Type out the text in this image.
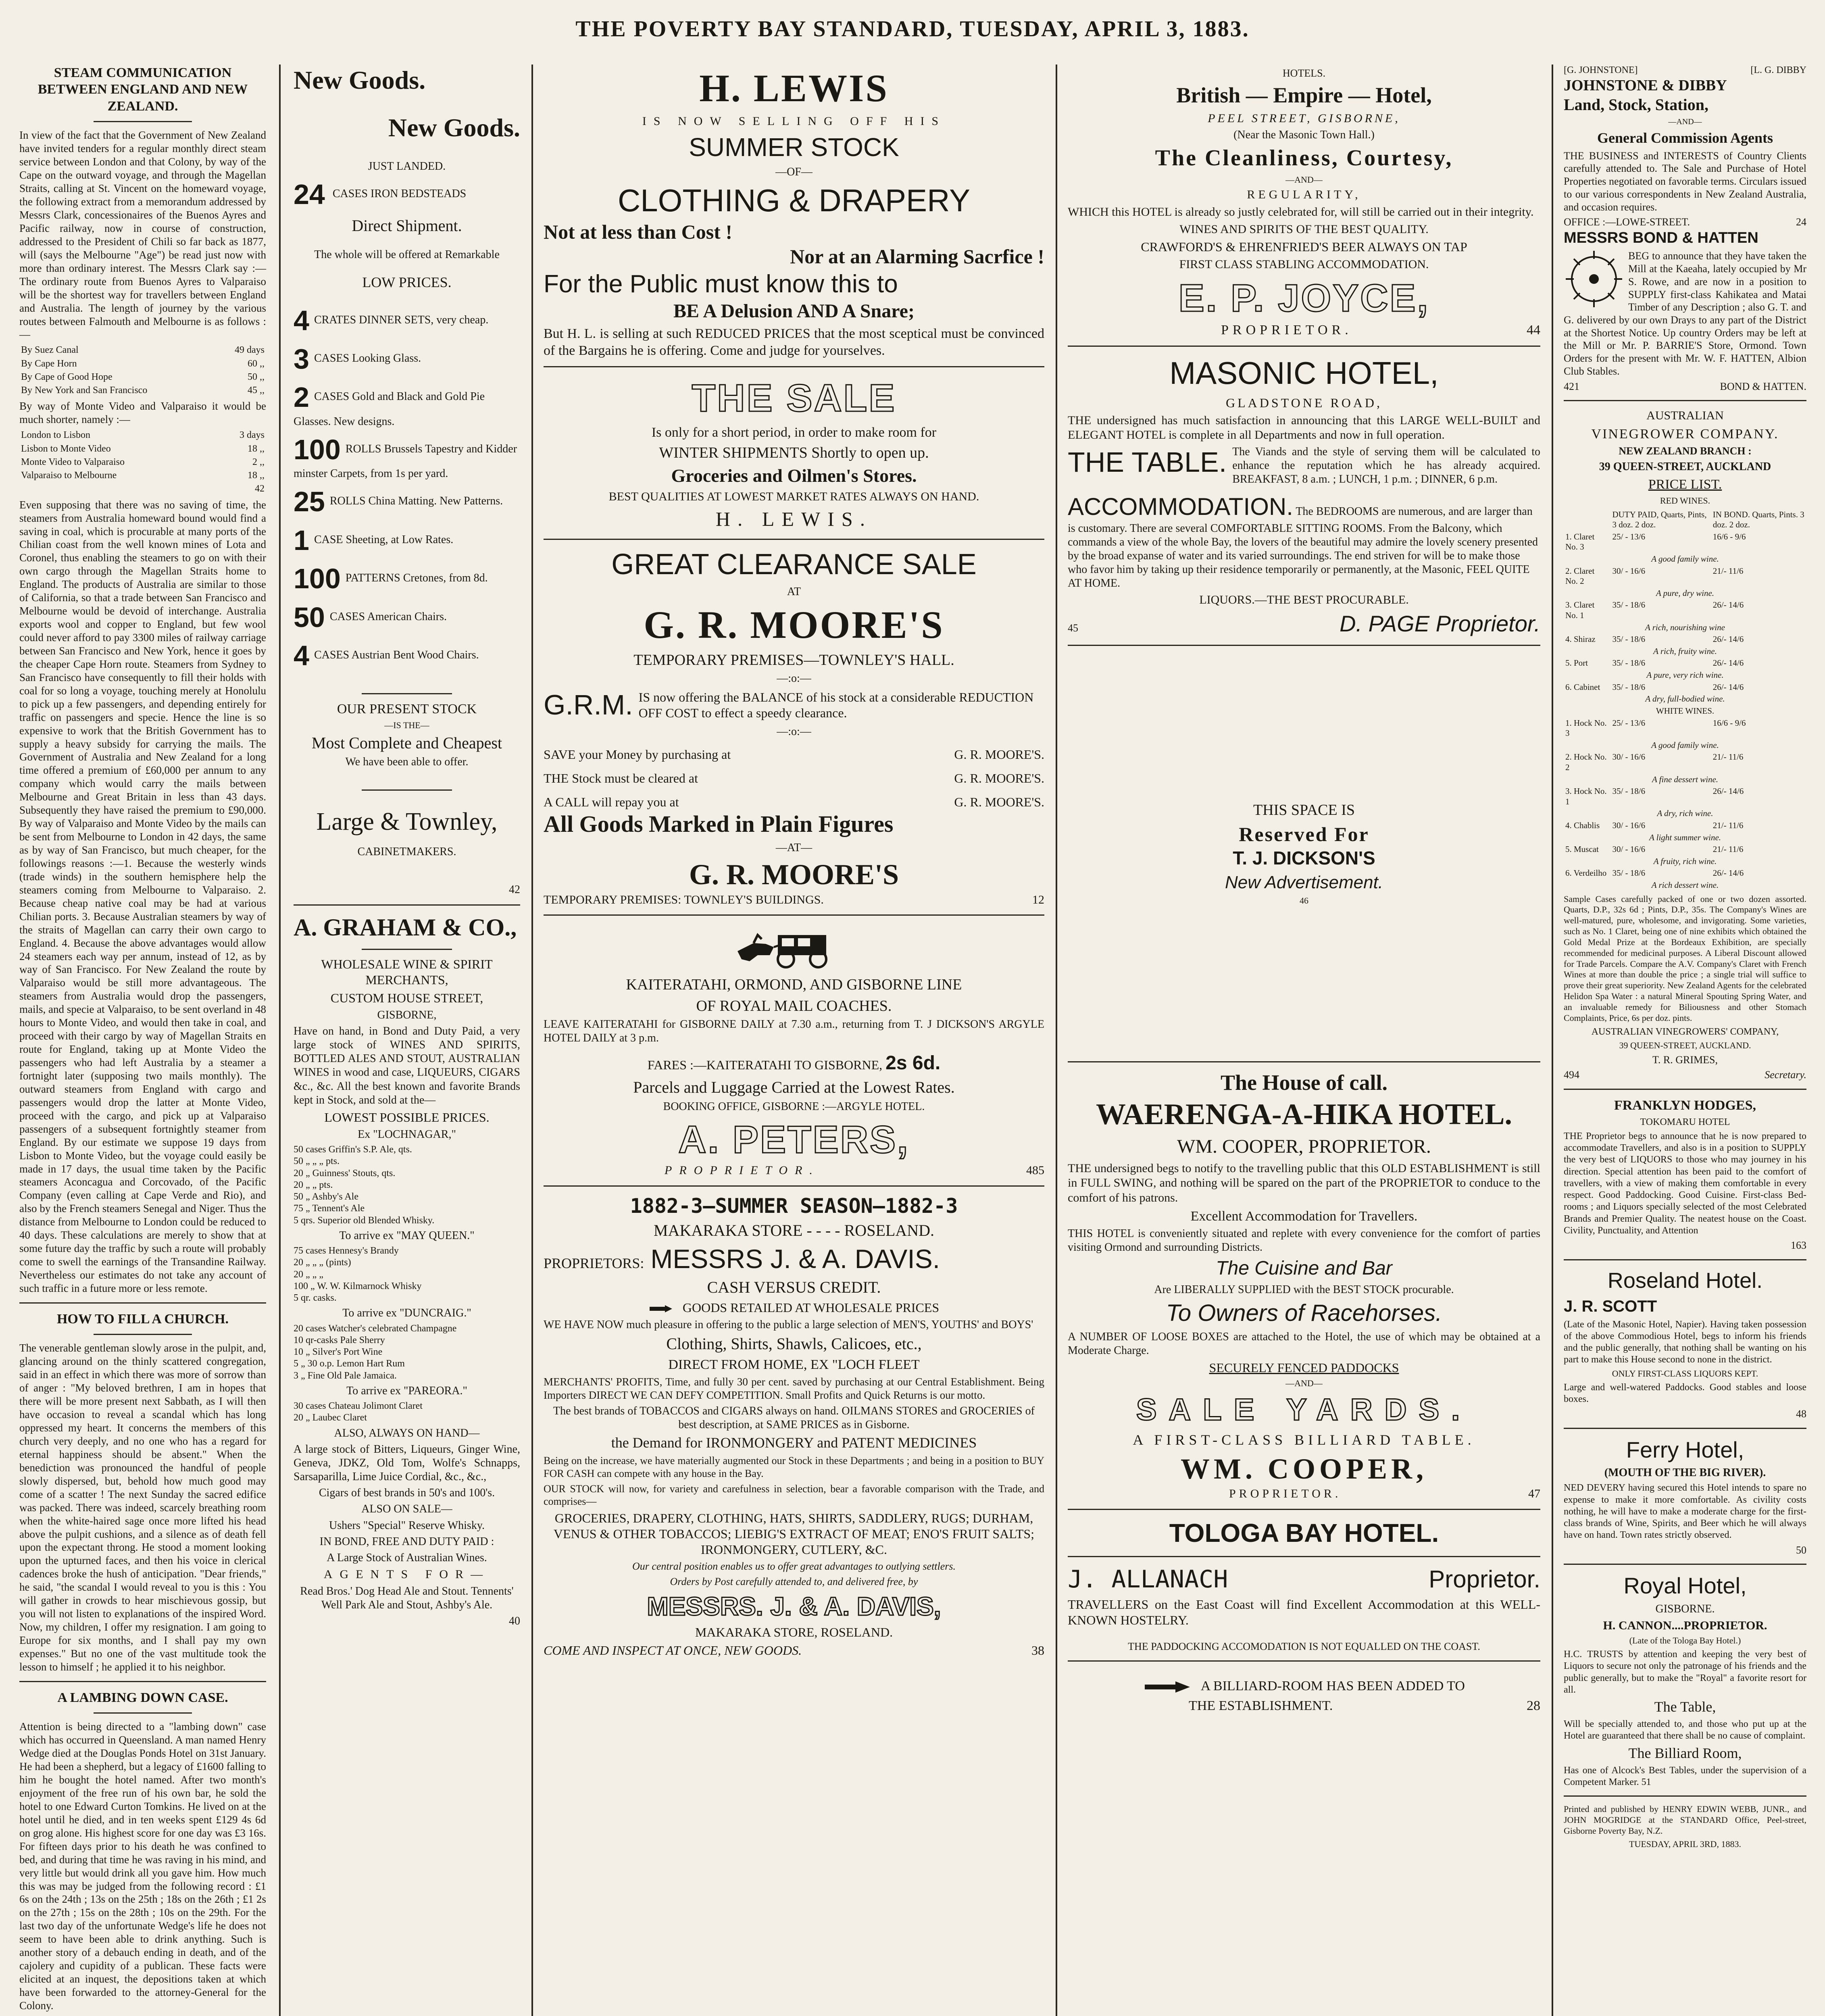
THE POVERTY BAY STANDARD, TUESDAY, APRIL 3, 1883.
STEAM COMMUNICATION BETWEEN ENGLAND AND NEW ZEALAND.

In view of the fact that the Government of New Zealand have invited tenders for a regular monthly direct steam service between London and that Colony, by way of the Cape on the outward voyage, and through the Magellan Straits, calling at St. Vincent on the homeward voyage, the following extract from a memorandum addressed by Messrs Clark, concessionaires of the Buenos Ayres and Pacific railway, now in course of construction, addressed to the President of Chili so far back as 1877, will (says the Melbourne "Age") be read just now with more than ordinary interest. The Messrs Clark say :—The ordinary route from Buenos Ayres to Valparaiso will be the shortest way for travellers between England and Australia. The length of journey by the various routes between Falmouth and Melbourne is as follows :—

By Suez Canal	49 days
By Cape Horn	60 ,,
By Cape of Good Hope	50 ,,
By New York and San Francisco	45 ,,

By way of Monte Video and Valparaiso it would be much shorter, namely :—

London to Lisbon	3 days
Lisbon to Monte Video	18 ,,
Monte Video to Valparaiso	2 ,,
Valparaiso to Melbourne	18 ,,
	42

Even supposing that there was no saving of time, the steamers from Australia homeward bound would find a saving in coal, which is procurable at many ports of the Chilian coast from the well known mines of Lota and Coronel, thus enabling the steamers to go on with their own cargo through the Magellan Straits home to England. The products of Australia are similar to those of California, so that a trade between San Francisco and Melbourne would be devoid of interchange. Australia exports wool and copper to England, but few wool could never afford to pay 3300 miles of railway carriage between San Francisco and New York, hence it goes by the cheaper Cape Horn route. Steamers from Sydney to San Francisco have consequently to fill their holds with coal for so long a voyage, touching merely at Honolulu to pick up a few passengers, and depending entirely for traffic on passengers and specie. Hence the line is so expensive to work that the British Government has to supply a heavy subsidy for carrying the mails. The Government of Australia and New Zealand for a long time offered a premium of £60,000 per annum to any company which would carry the mails between Melbourne and Great Britain in less than 43 days. Subsequently they have raised the premium to £90,000. By way of Valparaiso and Monte Video by the mails can be sent from Melbourne to London in 42 days, the same as by way of San Francisco, but much cheaper, for the followings reasons :—1. Because the westerly winds (trade winds) in the southern hemisphere help the steamers coming from Melbourne to Valparaiso. 2. Because cheap native coal may be had at various Chilian ports. 3. Because Australian steamers by way of the straits of Magellan can carry their own cargo to England. 4. Because the above advantages would allow 24 steamers each way per annum, instead of 12, as by way of San Francisco. For New Zealand the route by Valparaiso would be still more advantageous. The steamers from Australia would drop the passengers, mails, and specie at Valparaiso, to be sent overland in 48 hours to Monte Video, and would then take in coal, and proceed with their cargo by way of Magellan Straits en route for England, taking up at Monte Video the passengers who had left Australia by a steamer a fortnight later (supposing two mails monthly). The outward steamers from England with cargo and passengers would drop the latter at Monte Video, proceed with the cargo, and pick up at Valparaiso passengers of a subsequent fortnightly steamer from England. By our estimate we suppose 19 days from Lisbon to Monte Video, but the voyage could easily be made in 17 days, the usual time taken by the Pacific steamers Aconcagua and Corcovado, of the Pacific Company (even calling at Cape Verde and Rio), and also by the French steamers Senegal and Niger. Thus the distance from Melbourne to London could be reduced to 40 days. These calculations are merely to show that at some future day the traffic by such a route will probably come to swell the earnings of the Transandine Railway. Nevertheless our estimates do not take any account of such traffic in a future more or less remote.

HOW TO FILL A CHURCH.

The venerable gentleman slowly arose in the pulpit, and, glancing around on the thinly scattered congregation, said in an effect in which there was more of sorrow than of anger : "My beloved brethren, I am in hopes that there will be more present next Sabbath, as I will then have occasion to reveal a scandal which has long oppressed my heart. It concerns the members of this church very deeply, and no one who has a regard for eternal happiness should be absent." When the benediction was pronounced the handful of people slowly dispersed, but, behold how much good may come of a scatter ! The next Sunday the sacred edifice was packed. There was indeed, scarcely breathing room when the white-haired sage once more lifted his head above the pulpit cushions, and a silence as of death fell upon the expectant throng. He stood a moment looking upon the upturned faces, and then his voice in clerical cadences broke the hush of anticipation. "Dear friends," he said, "the scandal I would reveal to you is this : You will gather in crowds to hear mischievous gossip, but you will not listen to explanations of the inspired Word. Now, my children, I offer my resignation. I am going to Europe for six months, and I shall pay my own expenses." But no one of the vast multitude took the lesson to himself ; he applied it to his neighbor.

A LAMBING DOWN CASE.

Attention is being directed to a "lambing down" case which has occurred in Queensland. A man named Henry Wedge died at the Douglas Ponds Hotel on 31st January. He had been a shepherd, but a legacy of £1600 falling to him he bought the hotel named. After two month's enjoyment of the free run of his own bar, he sold the hotel to one Edward Curton Tomkins. He lived on at the hotel until he died, and in ten weeks spent £129 4s 6d on grog alone. His highest score for one day was £3 16s. For fifteen days prior to his death he was confined to bed, and during that time he was raving in his mind, and very little but would drink all you gave him. How much this was may be judged from the following record : £1 6s on the 24th ; 13s on the 25th ; 18s on the 26th ; £1 2s on the 27th ; 15s on the 28th ; 10s on the 29th. For the last two day of the unfortunate Wedge's life he does not seem to have been able to drink anything. Such is another story of a debauch ending in death, and of the cajolery and cupidity of a publican. These facts were elicited at an inquest, the depositions taken at which have been forwarded to the attorney-General for the Colony.

New Goods.
New Goods.

JUST LANDED.

24 CASES IRON BEDSTEADS
Direct Shipment.

The whole will be offered at Remarkable

LOW PRICES.

4 CRATES DINNER SETS, very cheap.
3 CASES Looking Glass.
2 CASES Gold and Black and Gold Pie Glasses. New designs.
100 ROLLS Brussels Tapestry and Kidder minster Carpets, from 1s per yard.
25 ROLLS China Matting. New Patterns.
1 CASE Sheeting, at Low Rates.
100 PATTERNS Cretones, from 8d.
50 CASES American Chairs.
4 CASES Austrian Bent Wood Chairs.

OUR PRESENT STOCK

—IS THE—

Most Complete and Cheapest

We have been able to offer.

Large & Townley,

CABINETMAKERS.

42

A. GRAHAM & CO.,

WHOLESALE WINE & SPIRIT MERCHANTS,

CUSTOM HOUSE STREET,

GISBORNE,

Have on hand, in Bond and Duty Paid, a very large stock of WINES AND SPIRITS, BOTTLED ALES AND STOUT, AUSTRALIAN WINES in wood and case, LIQUEURS, CIGARS &c., &c. All the best known and favorite Brands kept in Stock, and sold at the—

LOWEST POSSIBLE PRICES.

Ex "LOCHNAGAR,"

50 cases Griffin's S.P. Ale, qts.
50 „ „ „ pts.
20 „ Guinness' Stouts, qts.
20 „ „ pts.
50 „ Ashby's Ale
75 „ Tennent's Ale
5 qrs. Superior old Blended Whisky.

To arrive ex "MAY QUEEN."

75 cases Hennesy's Brandy
20 „ „ „ (pints)
20 „ „ „
100 „ W. W. Kilmarnock Whisky
5 qr. casks.

To arrive ex "DUNCRAIG."

20 cases Watcher's celebrated Champagne
10 qr-casks Pale Sherry
10 „ Silver's Port Wine
5 „ 30 o.p. Lemon Hart Rum
3 „ Fine Old Pale Jamaica.

To arrive ex "PAREORA."

30 cases Chateau Jolimont Claret
20 „ Laubec Claret

ALSO, ALWAYS ON HAND—

A large stock of Bitters, Liqueurs, Ginger Wine, Geneva, JDKZ, Old Tom, Wolfe's Schnapps, Sarsaparilla, Lime Juice Cordial, &c., &c.,

Cigars of best brands in 50's and 100's.

ALSO ON SALE—

Ushers "Special" Reserve Whisky.

IN BOND, FREE AND DUTY PAID :

A Large Stock of Australian Wines.

AGENTS FOR—

Read Bros.' Dog Head Ale and Stout. Tennents' Well Park Ale and Stout, Ashby's Ale.

40

H. LEWIS

IS NOW SELLING OFF HIS

SUMMER STOCK

—OF—

CLOTHING & DRAPERY
Not at less than Cost !
Nor at an Alarming Sacrfice !
For the Public must know this to
BE A Delusion AND A Snare;

But H. L. is selling at such REDUCED PRICES that the most sceptical must be convinced of the Bargains he is offering. Come and judge for yourselves.

THE SALE

Is only for a short period, in order to make room for

WINTER SHIPMENTS Shortly to open up.

Groceries and Oilmen's Stores.

BEST QUALITIES AT LOWEST MARKET RATES ALWAYS ON HAND.

H. LEWIS.
GREAT CLEARANCE SALE

AT

G. R. MOORE'S

TEMPORARY PREMISES—TOWNLEY'S HALL.

—:o:—

G.R.M. IS now offering the BALANCE of his stock at a considerable REDUCTION OFF COST to effect a speedy clearance.

—:o:—

SAVE your Money by purchasing at	G. R. MOORE'S.
THE Stock must be cleared at	G. R. MOORE'S.
A CALL will repay you at	G. R. MOORE'S.
All Goods Marked in Plain Figures

—AT—

G. R. MOORE'S
TEMPORARY PREMISES: TOWNLEY'S BUILDINGS.	12

KAITERATAHI, ORMOND, AND GISBORNE LINE

OF ROYAL MAIL COACHES.

LEAVE KAITERATAHI for GISBORNE DAILY at 7.30 a.m., returning from T. J DICKSON'S ARGYLE HOTEL DAILY at 3 p.m.

FARES :—KAITERATAHI TO GISBORNE, 2s 6d.

Parcels and Luggage Carried at the Lowest Rates.

BOOKING OFFICE, GISBORNE :—ARGYLE HOTEL.

A. PETERS,
PROPRIETOR.	485
1882-3—SUMMER SEASON—1882-3

MAKARAKA STORE - - - - ROSELAND.

PROPRIETORS: MESSRS J. & A. DAVIS.

CASH VERSUS CREDIT.

GOODS RETAILED AT WHOLESALE PRICES

WE HAVE NOW much pleasure in offering to the public a large selection of MEN'S, YOUTHS' and BOYS'

Clothing, Shirts, Shawls, Calicoes, etc.,

DIRECT FROM HOME, EX "LOCH FLEET

MERCHANTS' PROFITS, Time, and fully 30 per cent. saved by purchasing at our Central Establishment. Being Importers DIRECT WE CAN DEFY COMPETITION. Small Profits and Quick Returns is our motto.

The best brands of TOBACCOS and CIGARS always on hand. OILMANS STORES and GROCERIES of best description, at SAME PRICES as in Gisborne.

the Demand for IRONMONGERY and PATENT MEDICINES

Being on the increase, we have materially augmented our Stock in these Departments ; and being in a position to BUY FOR CASH can compete with any house in the Bay.

OUR STOCK will now, for variety and carefulness in selection, bear a favorable comparison with the Trade, and comprises—

GROCERIES, DRAPERY, CLOTHING, HATS, SHIRTS, SADDLERY, RUGS; DURHAM, VENUS & OTHER TOBACCOS; LIEBIG'S EXTRACT OF MEAT; ENO'S FRUIT SALTS; IRONMONGERY, CUTLERY, &C.

Our central position enables us to offer great advantages to outlying settlers.

Orders by Post carefully attended to, and delivered free, by

MESSRS. J. & A. DAVIS,

MAKARAKA STORE, ROSELAND.

COME AND INSPECT AT ONCE, NEW GOODS.	38

HOTELS.

British — Empire — Hotel,

PEEL STREET, GISBORNE,

(Near the Masonic Town Hall.)

The Cleanliness, Courtesy,

—AND—

REGULARITY,

WHICH this HOTEL is already so justly celebrated for, will still be carried out in their integrity.

WINES AND SPIRITS OF THE BEST QUALITY.

CRAWFORD'S & EHRENFRIED'S BEER ALWAYS ON TAP

FIRST CLASS STABLING ACCOMMODATION.

E. P. JOYCE,
PROPRIETOR.	44
MASONIC HOTEL,

GLADSTONE ROAD,

THE undersigned has much satisfaction in announcing that this LARGE WELL-BUILT and ELEGANT HOTEL is complete in all Departments and now in full operation.

THE TABLE. The Viands and the style of serving them will be calculated to enhance the reputation which he has already acquired. BREAKFAST, 8 a.m. ; LUNCH, 1 p.m. ; DINNER, 6 p.m.
ACCOMMODATION. The BEDROOMS are numerous, and are larger than is customary. There are several COMFORTABLE SITTING ROOMS. From the Balcony, which commands a view of the whole Bay, the lovers of the beautiful may admire the lovely scenery presented by the broad expanse of water and its varied surroundings. The end striven for will be to make those who favor him by taking up their residence temporarily or permanently, at the Masonic, FEEL QUITE AT HOME.

LIQUORS.—THE BEST PROCURABLE.

45	D. PAGE Proprietor.

THIS SPACE IS

Reserved For
T. J. DICKSON'S

New Advertisement.

46

The House of call.
WAERENGA-A-HIKA HOTEL.

WM. COOPER, PROPRIETOR.

THE undersigned begs to notify to the travelling public that this OLD ESTABLISHMENT is still in FULL SWING, and nothing will be spared on the part of the PROPRIETOR to conduce to the comfort of his patrons.

Excellent Accommodation for Travellers.

THIS HOTEL is conveniently situated and replete with every convenience for the comfort of parties visiting Ormond and surrounding Districts.

The Cuisine and Bar

Are LIBERALLY SUPPLIED with the BEST STOCK procurable.

To Owners of Racehorses.

A NUMBER OF LOOSE BOXES are attached to the Hotel, the use of which may be obtained at a Moderate Charge.

SECURELY FENCED PADDOCKS

—AND—

SALE YARDS.

A FIRST-CLASS BILLIARD TABLE.

WM. COOPER,
PROPRIETOR.	47
TOLOGA BAY HOTEL.
J. ALLANACH	Proprietor.

TRAVELLERS on the East Coast will find Excellent Accommodation at this WELL-KNOWN HOSTELRY.

THE PADDOCKING ACCOMODATION IS NOT EQUALLED ON THE COAST.

A BILLIARD-ROOM HAS BEEN ADDED TO

THE ESTABLISHMENT.	28
[G. JOHNSTONE]	[L. G. DIBBY
JOHNSTONE & DIBBY
Land, Stock, Station,

—AND—

General Commission Agents

THE BUSINESS and INTERESTS of Country Clients carefully attended to. The Sale and Purchase of Hotel Properties negotiated on favorable terms. Circulars issued to our various correspondents in New Zealand Australia, and occasion requires.

OFFICE :—LOWE-STREET.	24
MESSRS BOND & HATTEN

BEG to announce that they have taken the Mill at the Kaeaha, lately occupied by Mr S. Rowe, and are now in a position to SUPPLY first-class Kahikatea and Matai Timber of any Description ; also G. T. and G. delivered by our own Drays to any part of the District at the Shortest Notice. Up country Orders may be left at the Mill or Mr. P. BARRIE'S Store, Ormond. Town Orders for the present with Mr. W. F. HATTEN, Albion Club Stables.

421	BOND & HATTEN.

AUSTRALIAN

VINEGROWER COMPANY.

NEW ZEALAND BRANCH :

39 QUEEN-STREET, AUCKLAND

PRICE LIST.

RED WINES.

	DUTY PAID, Quarts, Pints, 3 doz. 2 doz.	IN BOND. Quarts, Pints. 3 doz. 2 doz.
1. Claret No. 3	25/ - 13/6	16/6 - 9/6
A good family wine.		
2. Claret No. 2	30/ - 16/6	21/- 11/6
A pure, dry wine.		
3. Claret No. 1	35/ - 18/6	26/- 14/6
A rich, nourishing wine		
4. Shiraz	35/ - 18/6	26/- 14/6
A rich, fruity wine.		
5. Port	35/ - 18/6	26/- 14/6
A pure, very rich wine.		
6. Cabinet	35/ - 18/6	26/- 14/6
A dry, full-bodied wine.		
WHITE WINES.		
1. Hock No. 3	25/ - 13/6	16/6 - 9/6
A good family wine.		
2. Hock No. 2	30/ - 16/6	21/- 11/6
A fine dessert wine.		
3. Hock No. 1	35/ - 18/6	26/- 14/6
A dry, rich wine.		
4. Chablis	30/ - 16/6	21/- 11/6
A light summer wine.		
5. Muscat	30/ - 16/6	21/- 11/6
A fruity, rich wine.		
6. Verdeilho	35/ - 18/6	26/- 14/6
A rich dessert wine.		

Sample Cases carefully packed of one or two dozen assorted. Quarts, D.P., 32s 6d ; Pints, D.P., 35s. The Company's Wines are well-matured, pure, wholesome, and invigorating. Some varieties, such as No. 1 Claret, being one of nine exhibits which obtained the Gold Medal Prize at the Bordeaux Exhibition, are specially recommended for medicinal purposes. A Liberal Discount allowed for Trade Parcels. Compare the A.V. Company's Claret with French Wines at more than double the price ; a single trial will suffice to prove their great superiority. New Zealand Agents for the celebrated Helidon Spa Water : a natural Mineral Spouting Spring Water, and an invaluable remedy for Biliousness and other Stomach Complaints, Price, 6s per doz. pints.

AUSTRALIAN VINEGROWERS' COMPANY,

39 QUEEN-STREET, AUCKLAND.

T. R. GRIMES,

494	Secretary.

FRANKLYN HODGES,

TOKOMARU HOTEL

THE Proprietor begs to announce that he is now prepared to accommodate Travellers, and also is in a position to SUPPLY the very best of LIQUORS to those who may journey in his direction. Special attention has been paid to the comfort of travellers, with a view of making them comfortable in every respect. Good Paddocking. Good Cuisine. First-class Bed-rooms ; and Liquors specially selected of the most Celebrated Brands and Premier Quality. The neatest house on the Coast. Civility, Punctuality, and Attention

163

Roseland Hotel.

J. R. SCOTT

(Late of the Masonic Hotel, Napier). Having taken possession of the above Commodious Hotel, begs to inform his friends and the public generally, that nothing shall be wanting on his part to make this House second to none in the district.

ONLY FIRST-CLASS LIQUORS KEPT.

Large and well-watered Paddocks. Good stables and loose boxes.

48

Ferry Hotel,

(MOUTH OF THE BIG RIVER).

NED DEVERY having secured this Hotel intends to spare no expense to make it more comfortable. As civility costs nothing, he will have to make a moderate charge for the first-class brands of Wine, Spirits, and Beer which he will always have on hand. Town rates strictly observed.

50

Royal Hotel,

GISBORNE.

H. CANNON....PROPRIETOR.

(Late of the Tologa Bay Hotel.)

H.C. TRUSTS by attention and keeping the very best of Liquors to secure not only the patronage of his friends and the public generally, but to make the "Royal" a favorite resort for all.

The Table,

Will be specially attended to, and those who put up at the Hotel are guaranteed that there shall be no cause of complaint.

The Billiard Room,

Has one of Alcock's Best Tables, under the supervision of a Competent Marker. 51

Printed and published by HENRY EDWIN WEBB, JUNR., and JOHN MOGRIDGE at the STANDARD Office, Peel-street, Gisborne Poverty Bay, N.Z.

TUESDAY, APRIL 3RD, 1883.
